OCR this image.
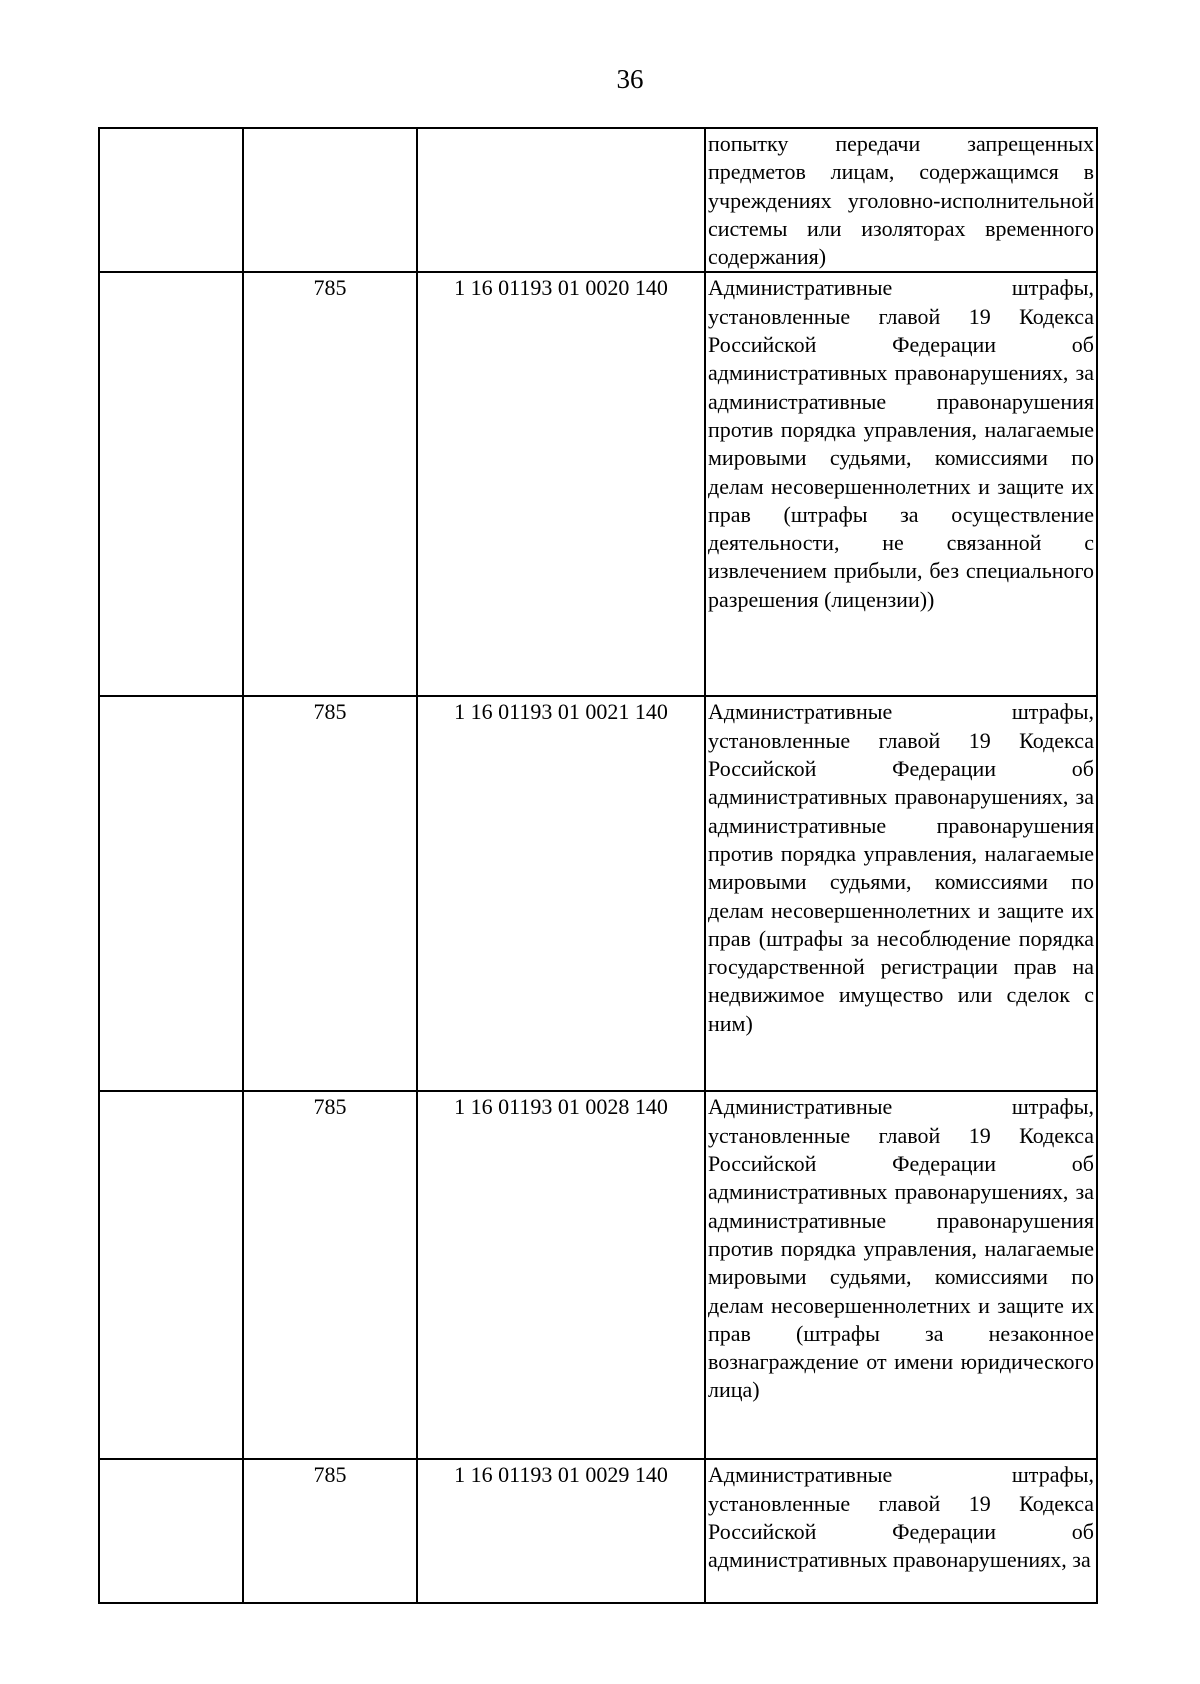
36

			попытку передачи запрещенных предметов лицам, содержащимся в учреждениях уголовно-исполнительной системы или изоляторах временного содержания)

	785	1 16 01193 01 0020 140	Административные штрафы, установленные главой 19 Кодекса Российской Федерации об административных правонарушениях, за административные правонарушения против порядка управления, налагаемые мировыми судьями, комиссиями по делам несовершеннолетних и защите их прав (штрафы за осуществление деятельности, не связанной с извлечением прибыли, без специального разрешения (лицензии))

	785	1 16 01193 01 0021 140	Административные штрафы, установленные главой 19 Кодекса Российской Федерации об административных правонарушениях, за административные правонарушения против порядка управления, налагаемые мировыми судьями, комиссиями по делам несовершеннолетних и защите их прав (штрафы за несоблюдение порядка государственной регистрации прав на недвижимое имущество или сделок с ним)

	785	1 16 01193 01 0028 140	Административные штрафы, установленные главой 19 Кодекса Российской Федерации об административных правонарушениях, за административные правонарушения против порядка управления, налагаемые мировыми судьями, комиссиями по делам несовершеннолетних и защите их прав (штрафы за незаконное вознаграждение от имени юридического лица)

	785	1 16 01193 01 0029 140	Административные штрафы, установленные главой 19 Кодекса Российской Федерации об административных правонарушениях, за
